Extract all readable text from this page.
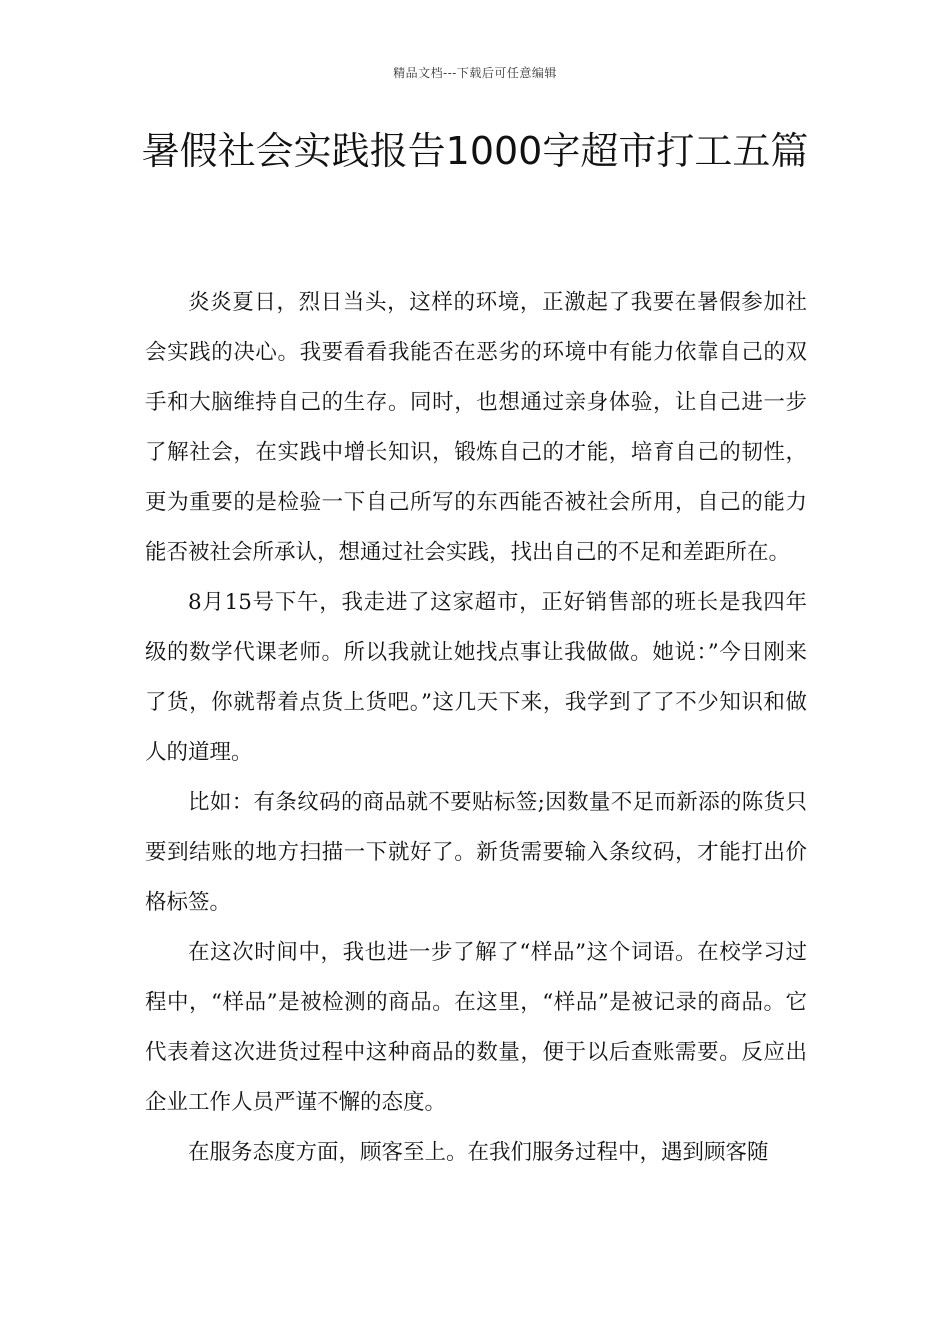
精品文档---下载后可任意编辑
暑假社会实践报告1000字超市打工五篇

炎炎夏日，烈日当头，这样的环境，正激起了我要在暑假参加社会实践的决心。我要看看我能否在恶劣的环境中有能力依靠自己的双手和大脑维持自己的生存。同时，也想通过亲身体验，让自己进一步了解社会，在实践中增长知识，锻炼自己的才能，培育自己的韧性，更为重要的是检验一下自己所写的东西能否被社会所用，自己的能力能否被社会所承认，想通过社会实践，找出自己的不足和差距所在。

8月15号下午，我走进了这家超市，正好销售部的班长是我四年级的数学代课老师。所以我就让她找点事让我做做。她说：”今日刚来了货，你就帮着点货上货吧。”这几天下来，我学到了了不少知识和做人的道理。

比如：有条纹码的商品就不要贴标签;因数量不足而新添的陈货只要到结账的地方扫描一下就好了。新货需要输入条纹码，才能打出价格标签。

在这次时间中，我也进一步了解了“样品”这个词语。在校学习过程中，“样品”是被检测的商品。在这里，“样品”是被记录的商品。它代表着这次进货过程中这种商品的数量，便于以后查账需要。反应出企业工作人员严谨不懈的态度。

在服务态度方面，顾客至上。在我们服务过程中，遇到顾客随
